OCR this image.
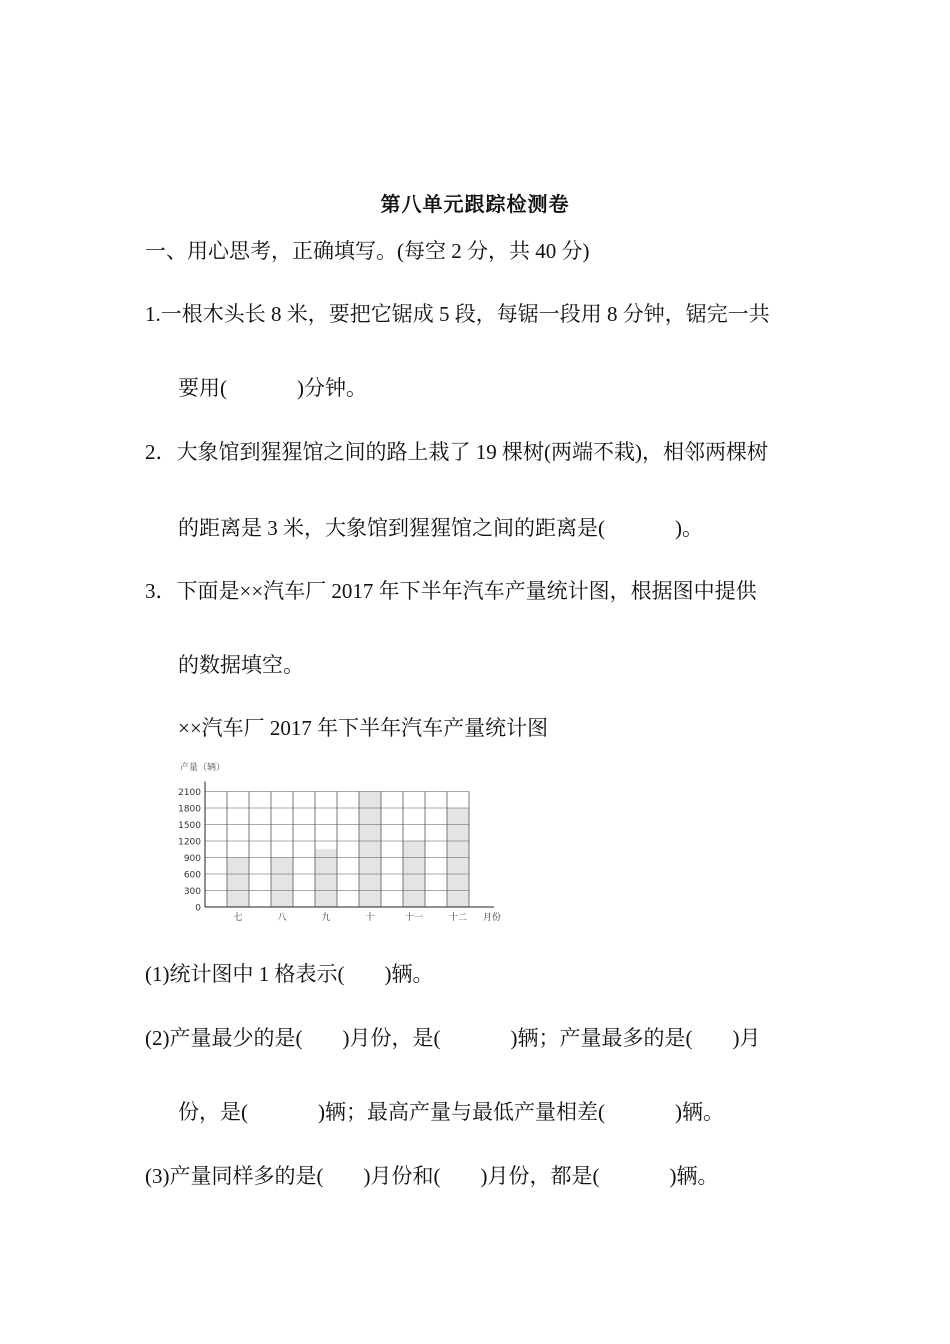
第八单元跟踪检测卷
一、用心思考，正确填写。(每空 2 分，共 40 分)
1.一根木头长 8 米，要把它锯成 5 段，每锯一段用 8 分钟，锯完一共
要用(	)分钟。
2．大象馆到猩猩馆之间的路上栽了 19 棵树(两端不栽)，相邻两棵树
的距离是 3 米，大象馆到猩猩馆之间的距离是(	)。
3．下面是××汽车厂 2017 年下半年汽车产量统计图，根据图中提供
的数据填空。
××汽车厂 2017 年下半年汽车产量统计图
0
300
600
900
1200
1500
1800
2100
七	八	九	十	十一	十二
产量（辆）
月份
(1)统计图中 1 格表示( )辆。
(2)产量最少的是( )月份，是(	)辆；产量最多的是( )月
份，是(	)辆；最高产量与最低产量相差(	)辆。
(3)产量同样多的是( )月份和( )月份，都是(	)辆。
